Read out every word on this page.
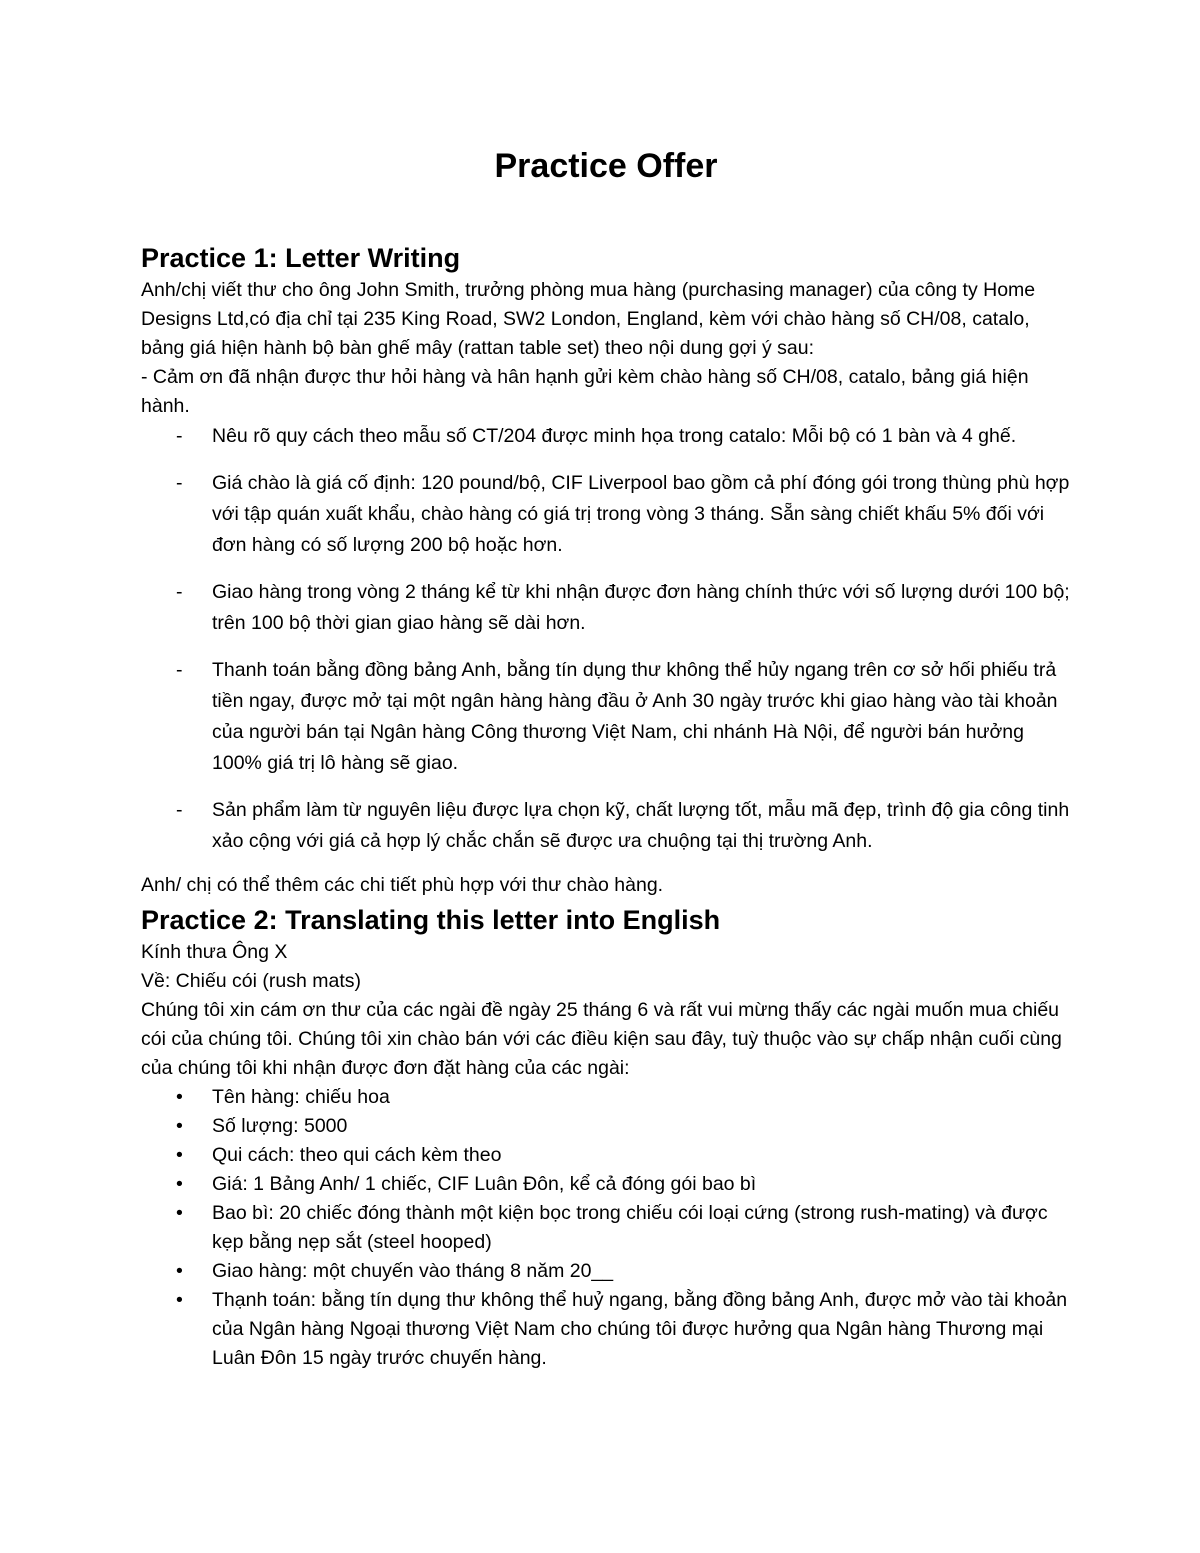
Practice Offer
Practice 1: Letter Writing

Anh/chị viết thư cho ông John Smith, trưởng phòng mua hàng (purchasing manager) của công ty Home Designs Ltd,có địa chỉ tại 235 King Road, SW2 London, England, kèm với chào hàng số CH/08, catalo, bảng giá hiện hành bộ bàn ghế mây (rattan table set) theo nội dung gợi ý sau:

- Cảm ơn đã nhận được thư hỏi hàng và hân hạnh gửi kèm chào hàng số CH/08, catalo, bảng giá hiện hành.

- Nêu rõ quy cách theo mẫu số CT/204 được minh họa trong catalo: Mỗi bộ có 1 bàn và 4 ghế.
- Giá chào là giá cố định: 120 pound/bộ, CIF Liverpool bao gồm cả phí đóng gói trong thùng phù hợp với tập quán xuất khẩu, chào hàng có giá trị trong vòng 3 tháng. Sẵn sàng chiết khấu 5% đối với đơn hàng có số lượng 200 bộ hoặc hơn.
- Giao hàng trong vòng 2 tháng kể từ khi nhận được đơn hàng chính thức với số lượng dưới 100 bộ; trên 100 bộ thời gian giao hàng sẽ dài hơn.
- Thanh toán bằng đồng bảng Anh, bằng tín dụng thư không thể hủy ngang trên cơ sở hối phiếu trả tiền ngay, được mở tại một ngân hàng hàng đầu ở Anh 30 ngày trước khi giao hàng vào tài khoản của người bán tại Ngân hàng Công thương Việt Nam, chi nhánh Hà Nội, để người bán hưởng 100% giá trị lô hàng sẽ giao.
- Sản phẩm làm từ nguyên liệu được lựa chọn kỹ, chất lượng tốt, mẫu mã đẹp, trình độ gia công tinh xảo cộng với giá cả hợp lý chắc chắn sẽ được ưa chuộng tại thị trường Anh.

Anh/ chị có thể thêm các chi tiết phù hợp với thư chào hàng.

Practice 2: Translating this letter into English

Kính thưa Ông X

Về: Chiếu cói (rush mats)

Chúng tôi xin cám ơn thư của các ngài đề ngày 25 tháng 6 và rất vui mừng thấy các ngài muốn mua chiếu cói của chúng tôi. Chúng tôi xin chào bán với các điều kiện sau đây, tuỳ thuộc vào sự chấp nhận cuối cùng của chúng tôi khi nhận được đơn đặt hàng của các ngài:

• Tên hàng: chiếu hoa
• Số lượng: 5000
• Qui cách: theo qui cách kèm theo
• Giá: 1 Bảng Anh/ 1 chiếc, CIF Luân Đôn, kể cả đóng gói bao bì
• Bao bì: 20 chiếc đóng thành một kiện bọc trong chiếu cói loại cứng (strong rush-mating) và được kẹp bằng nẹp sắt (steel hooped)
• Giao hàng: một chuyến vào tháng 8 năm 20__
• Thạnh toán: bằng tín dụng thư không thể huỷ ngang, bằng đồng bảng Anh, được mở vào tài khoản của Ngân hàng Ngoại thương Việt Nam cho chúng tôi được hưởng qua Ngân hàng Thương mại Luân Đôn 15 ngày trước chuyến hàng.
